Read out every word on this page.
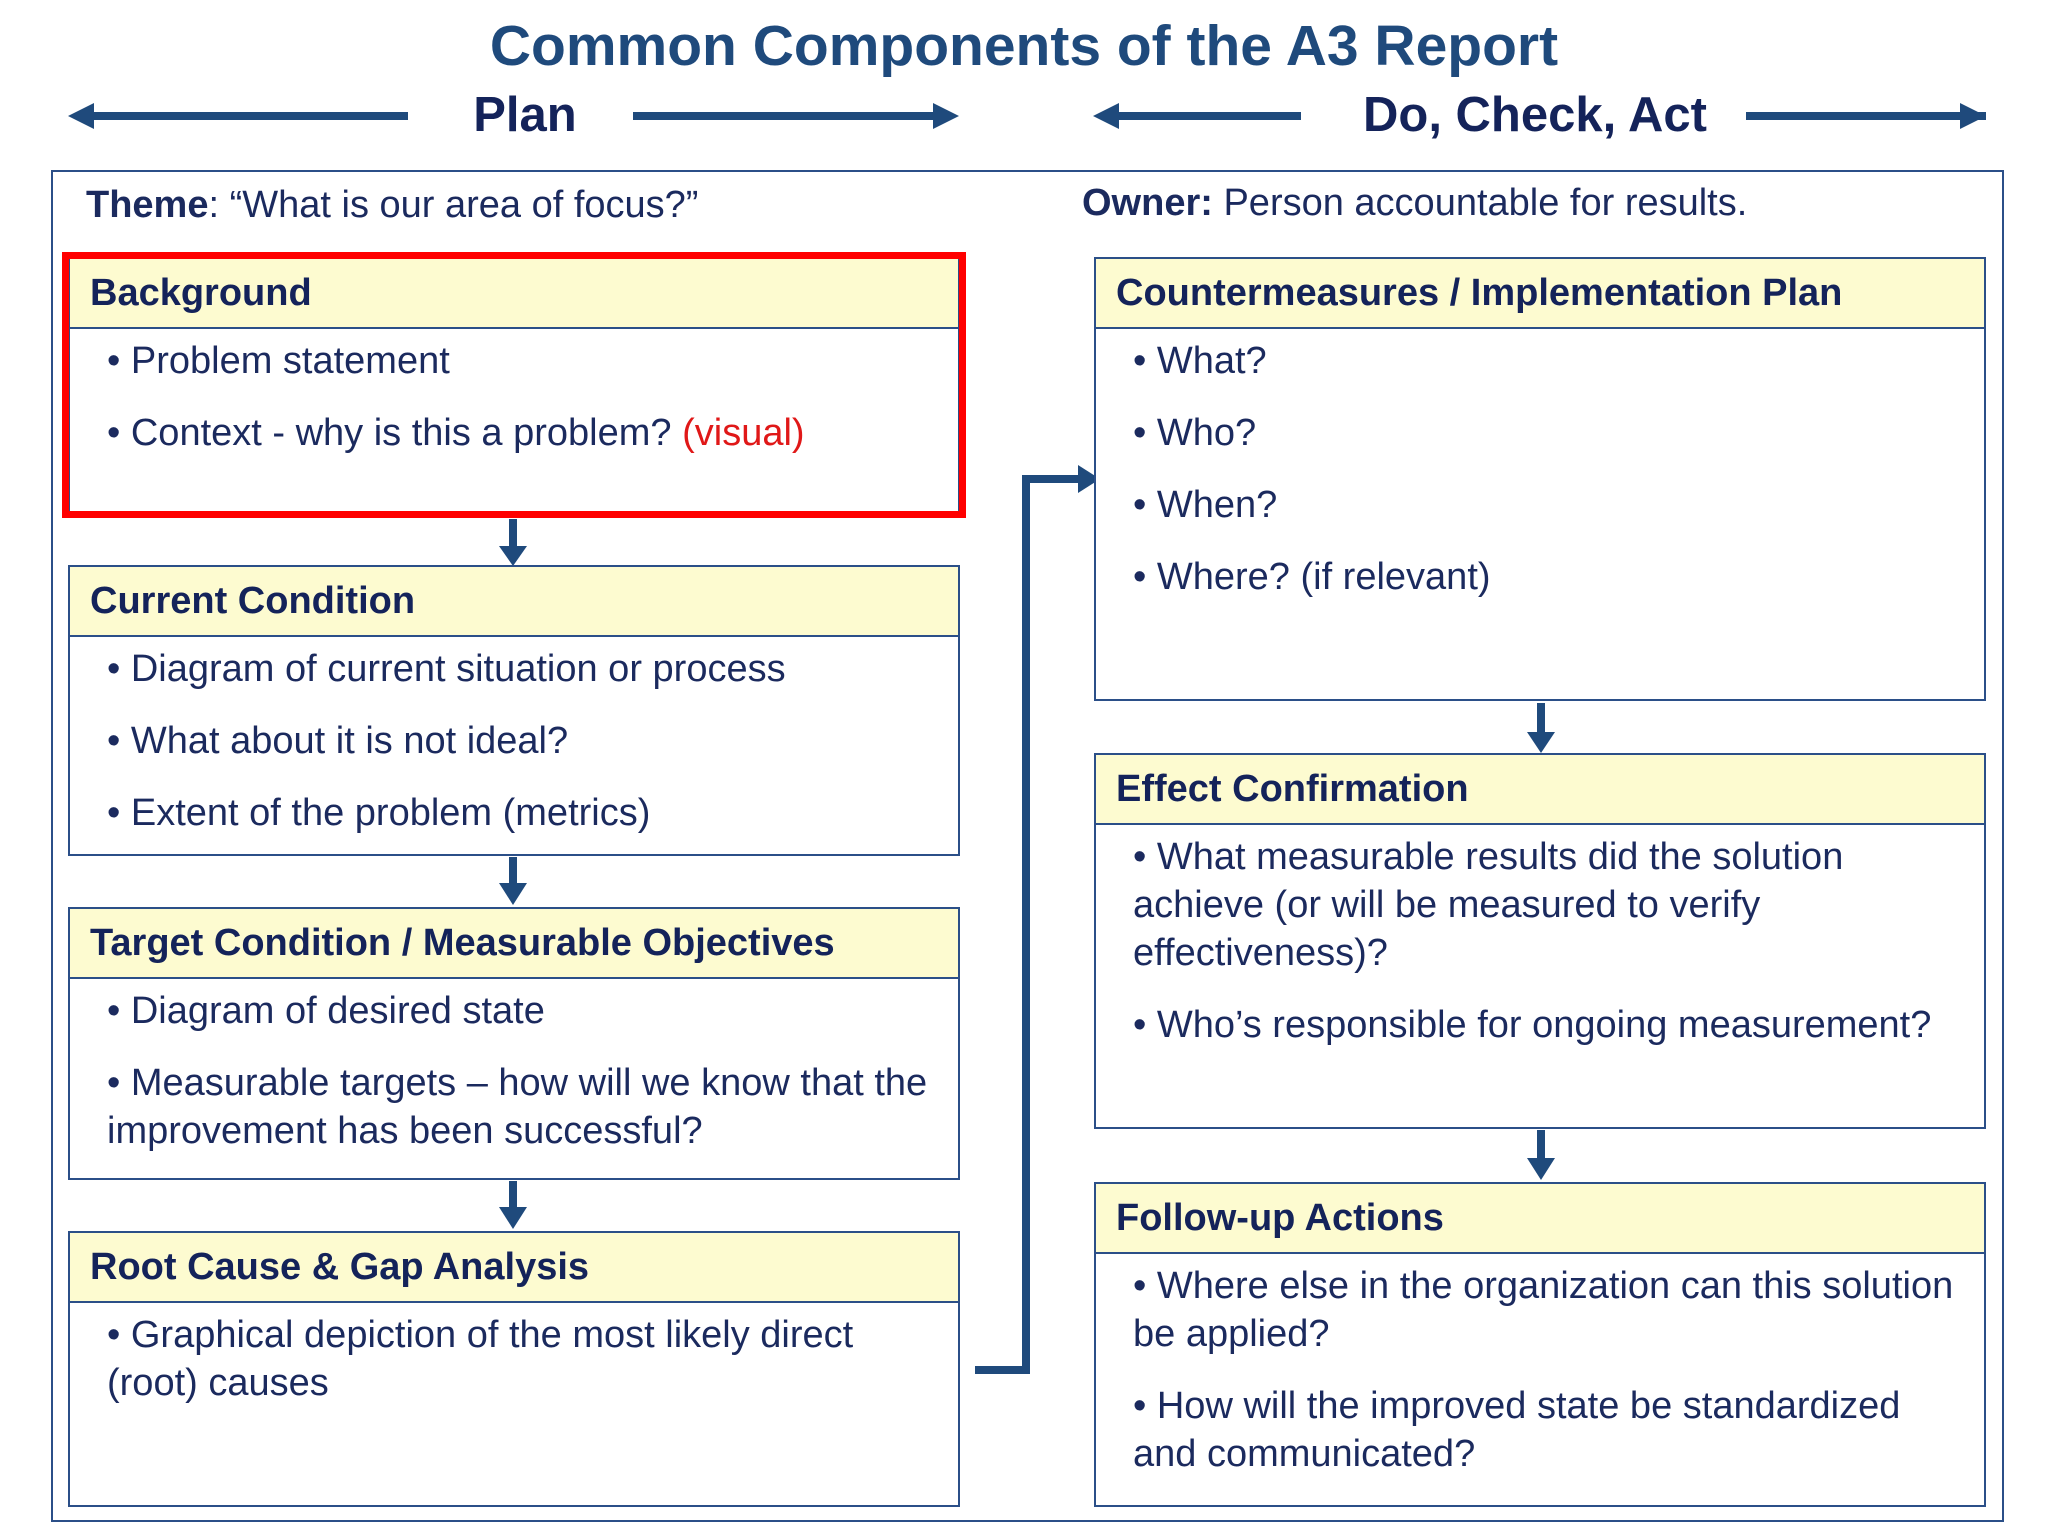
Common Components of the A3 Report
Plan	Do, Check, Act
Theme: “What is our area of focus?”	Owner: Person accountable for results.
Background
• Problem statement
• Context - why is this a problem? (visual)
Current Condition
• Diagram of current situation or process
• What about it is not ideal?
• Extent of the problem (metrics)
Target Condition / Measurable Objectives
• Diagram of desired state
• Measurable targets – how will we know that the improvement has been successful?
Root Cause & Gap Analysis
• Graphical depiction of the most likely direct (root) causes
Countermeasures / Implementation Plan
• What?
• Who?
• When?
• Where? (if relevant)
Effect Confirmation
• What measurable results did the solution achieve (or will be measured to verify effectiveness)?
• Who’s responsible for ongoing measurement?
Follow-up Actions
• Where else in the organization can this solution be applied?
• How will the improved state be standardized and communicated?
